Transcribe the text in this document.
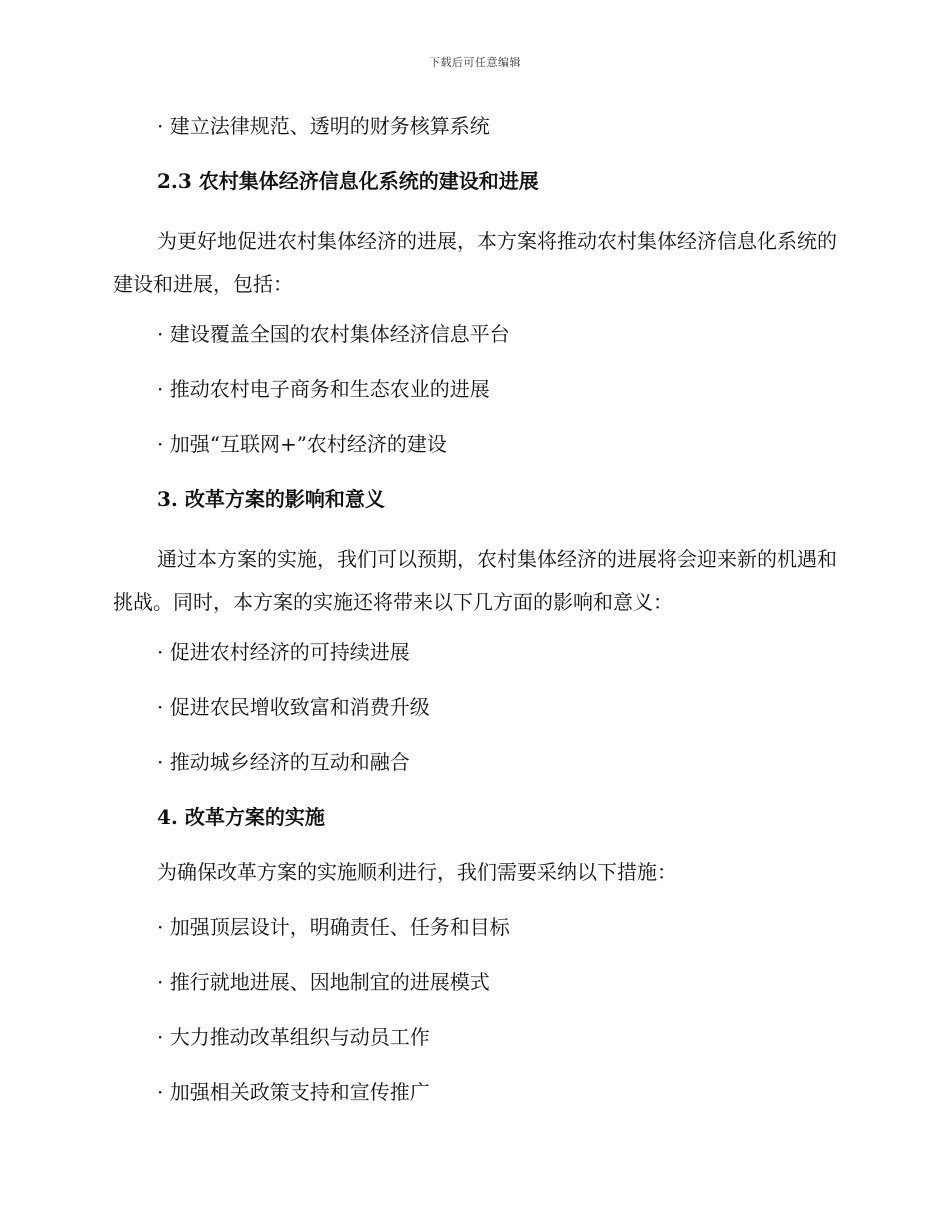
下载后可任意编辑

· 建立法律规范、透明的财务核算系统

2.3 农村集体经济信息化系统的建设和进展

为更好地促进农村集体经济的进展，本方案将推动农村集体经济信息化系统的建设和进展，包括：

· 建设覆盖全国的农村集体经济信息平台

· 推动农村电子商务和生态农业的进展

· 加强“互联网+”农村经济的建设

3. 改革方案的影响和意义

通过本方案的实施，我们可以预期，农村集体经济的进展将会迎来新的机遇和挑战。同时，本方案的实施还将带来以下几方面的影响和意义：

· 促进农村经济的可持续进展

· 促进农民增收致富和消费升级

· 推动城乡经济的互动和融合

4. 改革方案的实施

为确保改革方案的实施顺利进行，我们需要采纳以下措施：

· 加强顶层设计，明确责任、任务和目标

· 推行就地进展、因地制宜的进展模式

· 大力推动改革组织与动员工作

· 加强相关政策支持和宣传推广
